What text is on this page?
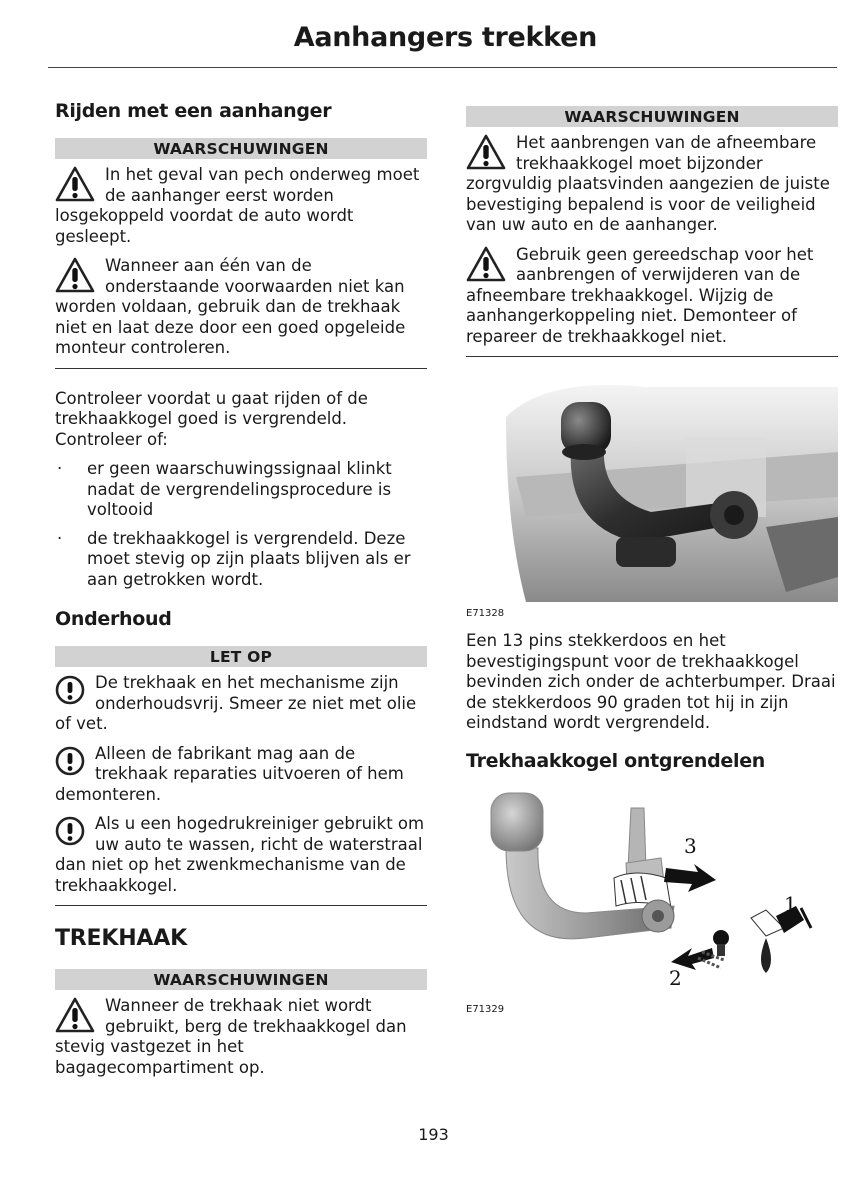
Aanhangers trekken
Rijden met een aanhanger
WAARSCHUWINGEN
In het geval van pech onderweg moet de aanhanger eerst worden losgekoppeld voordat de auto wordt gesleept.
Wanneer aan één van de onderstaande voorwaarden niet kan worden voldaan, gebruik dan de trekhaak niet en laat deze door een goed opgeleide monteur controleren.

Controleer voordat u gaat rijden of de trekhaakkogel goed is vergrendeld. Controleer of:

· er geen waarschuwingssignaal klinkt nadat de vergrendelingsprocedure is voltooid
· de trekhaakkogel is vergrendeld. Deze moet stevig op zijn plaats blijven als er aan getrokken wordt.
Onderhoud
LET OP
De trekhaak en het mechanisme zijn onderhoudsvrij. Smeer ze niet met olie of vet.
Alleen de fabrikant mag aan de trekhaak reparaties uitvoeren of hem demonteren.
Als u een hogedrukreiniger gebruikt om uw auto te wassen, richt de waterstraal dan niet op het zwenkmechanisme van de trekhaakkogel.
TREKHAAK
WAARSCHUWINGEN
Wanneer de trekhaak niet wordt gebruikt, berg de trekhaakkogel dan stevig vastgezet in het bagagecompartiment op.
WAARSCHUWINGEN
Het aanbrengen van de afneembare trekhaakkogel moet bijzonder zorgvuldig plaatsvinden aangezien de juiste bevestiging bepalend is voor de veiligheid van uw auto en de aanhanger.
Gebruik geen gereedschap voor het aanbrengen of verwijderen van de afneembare trekhaakkogel. Wijzig de aanhangerkoppeling niet. Demonteer of repareer de trekhaakkogel niet.
E71328

Een 13 pins stekkerdoos en het bevestigingspunt voor de trekhaakkogel bevinden zich onder de achterbumper. Draai de stekkerdoos 90 graden tot hij in zijn eindstand wordt vergrendeld.

Trekhaakkogel ontgrendelen
3
1
2
E71329
193
